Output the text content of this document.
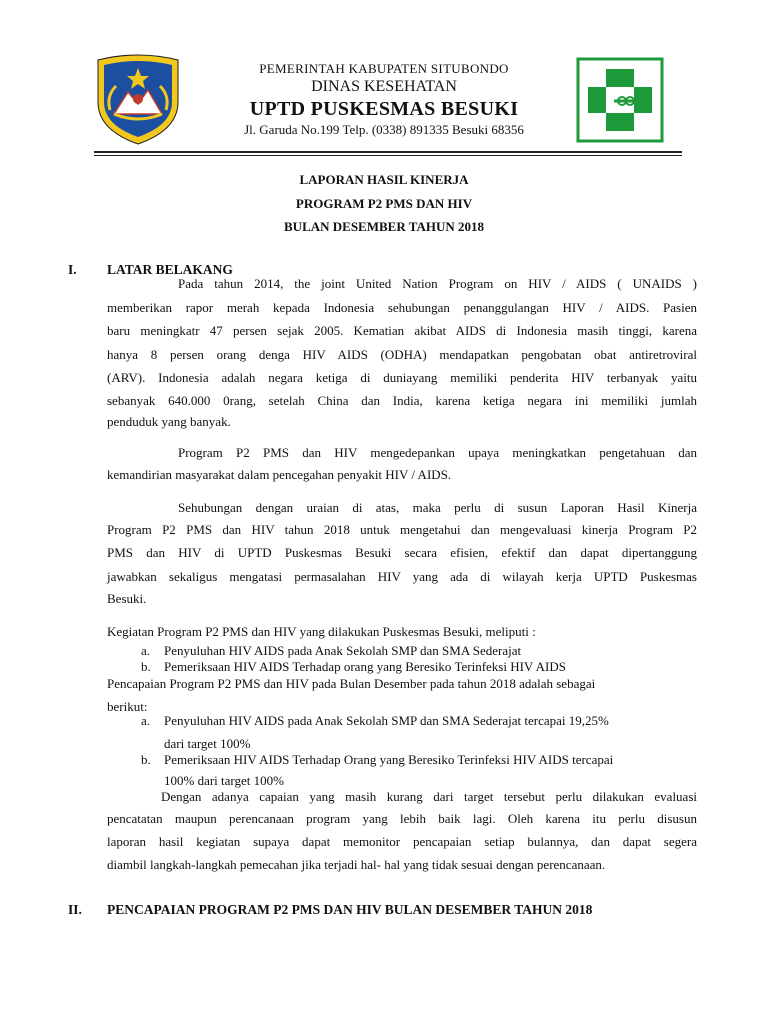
PEMERINTAH KABUPATEN SITUBONDO
DINAS KESEHATAN
UPTD PUSKESMAS BESUKI
Jl. Garuda No.199 Telp. (0338) 891335 Besuki 68356
LAPORAN HASIL KINERJA
PROGRAM P2 PMS DAN HIV
BULAN DESEMBER TAHUN 2018
I. LATAR BELAKANG
Pada tahun 2014, the joint United Nation Program on HIV / AIDS ( UNAIDS )
memberikan rapor merah kepada Indonesia sehubungan penanggulangan HIV / AIDS. Pasien
baru meningkatr 47 persen sejak 2005. Kematian akibat AIDS di Indonesia masih tinggi, karena
hanya 8 persen orang denga HIV AIDS (ODHA) mendapatkan pengobatan obat antiretroviral
(ARV). Indonesia adalah negara ketiga di duniayang memiliki penderita HIV terbanyak yaitu
sebanyak 640.000 0rang, setelah China dan India, karena ketiga negara ini memiliki jumlah
penduduk yang banyak.
Program P2 PMS dan HIV mengedepankan upaya meningkatkan pengetahuan dan
kemandirian masyarakat dalam pencegahan penyakit HIV / AIDS.
Sehubungan dengan uraian di atas, maka perlu di susun Laporan Hasil Kinerja
Program P2 PMS dan HIV tahun 2018 untuk mengetahui dan mengevaluasi kinerja Program P2
PMS dan HIV di UPTD Puskesmas Besuki secara efisien, efektif dan dapat dipertanggung
jawabkan sekaligus mengatasi permasalahan HIV yang ada di wilayah kerja UPTD Puskesmas
Besuki.
Kegiatan Program P2 PMS dan HIV yang dilakukan Puskesmas Besuki, meliputi :
a. Penyuluhan HIV AIDS pada Anak Sekolah SMP dan SMA Sederajat
b. Pemeriksaan HIV AIDS Terhadap orang yang Beresiko Terinfeksi HIV AIDS
Pencapaian Program P2 PMS dan HIV pada Bulan Desember pada tahun 2018 adalah sebagai
berikut:
a. Penyuluhan HIV AIDS pada Anak Sekolah SMP dan SMA Sederajat tercapai 19,25%
dari target 100%
b. Pemeriksaan HIV AIDS Terhadap Orang yang Beresiko Terinfeksi HIV AIDS tercapai
100% dari target 100%
Dengan adanya capaian yang masih kurang dari target tersebut perlu dilakukan evaluasi
pencatatan maupun perencanaan program yang lebih baik lagi. Oleh karena itu perlu disusun
laporan hasil kegiatan supaya dapat memonitor pencapaian setiap bulannya, dan dapat segera
diambil langkah-langkah pemecahan jika terjadi hal- hal yang tidak sesuai dengan perencanaan.
II. PENCAPAIAN PROGRAM P2 PMS DAN HIV BULAN DESEMBER TAHUN 2018
